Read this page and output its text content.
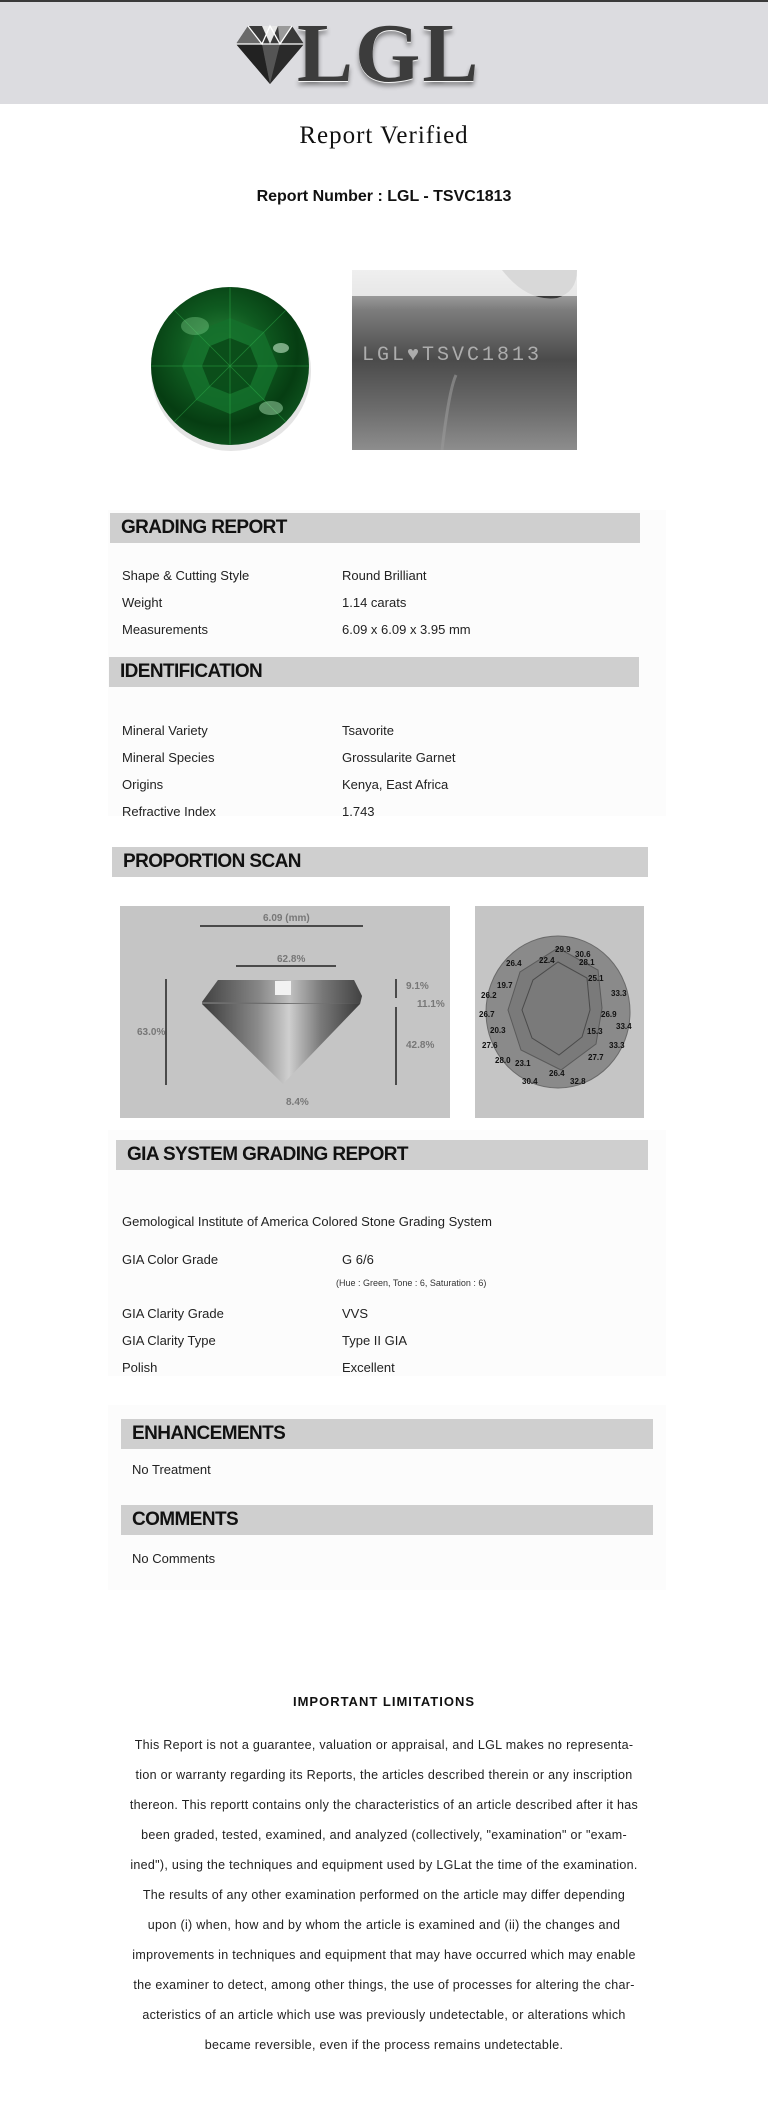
LGL
Report Verified
Report Number : LGL - TSVC1813
LGL♥TSVC1813
GRADING REPORT
Shape & Cutting Style	Round Brilliant
Weight	1.14 carats
Measurements	6.09 x 6.09 x 3.95 mm
IDENTIFICATION
Mineral Variety	Tsavorite
Mineral Species	Grossularite Garnet
Origins	Kenya, East Africa
Refractive Index	1.743
PROPORTION SCAN
6.09 (mm)
62.8%
63.0%
9.1%
11.1%
42.8%
8.4%
29.9
30.6
26.4 22.4	28.1
19.7
25.1
26.2	33.3
26.7	26.9
20.3	15.3
33.4
27.6	33.3
28.0 23.1
27.7
26.4
30.4	32.8
GIA SYSTEM GRADING REPORT
Gemological Institute of America Colored Stone Grading System
GIA Color Grade	G 6/6
(Hue : Green, Tone : 6, Saturation : 6)
GIA Clarity Grade	VVS
GIA Clarity Type	Type II GIA
Polish	Excellent
ENHANCEMENTS
No Treatment
COMMENTS
No Comments
IMPORTANT LIMITATIONS
This Report is not a guarantee, valuation or appraisal, and LGL makes no representa-
tion or warranty regarding its Reports, the articles described therein or any inscription
thereon. This reportt contains only the characteristics of an article described after it has
been graded, tested, examined, and analyzed (collectively, "examination" or "exam-
ined"), using the techniques and equipment used by LGLat the time of the examination.
The results of any other examination performed on the article may differ depending
upon (i) when, how and by whom the article is examined and (ii) the changes and
improvements in techniques and equipment that may have occurred which may enable
the examiner to detect, among other things, the use of processes for altering the char-
acteristics of an article which use was previously undetectable, or alterations which
became reversible, even if the process remains undetectable.
